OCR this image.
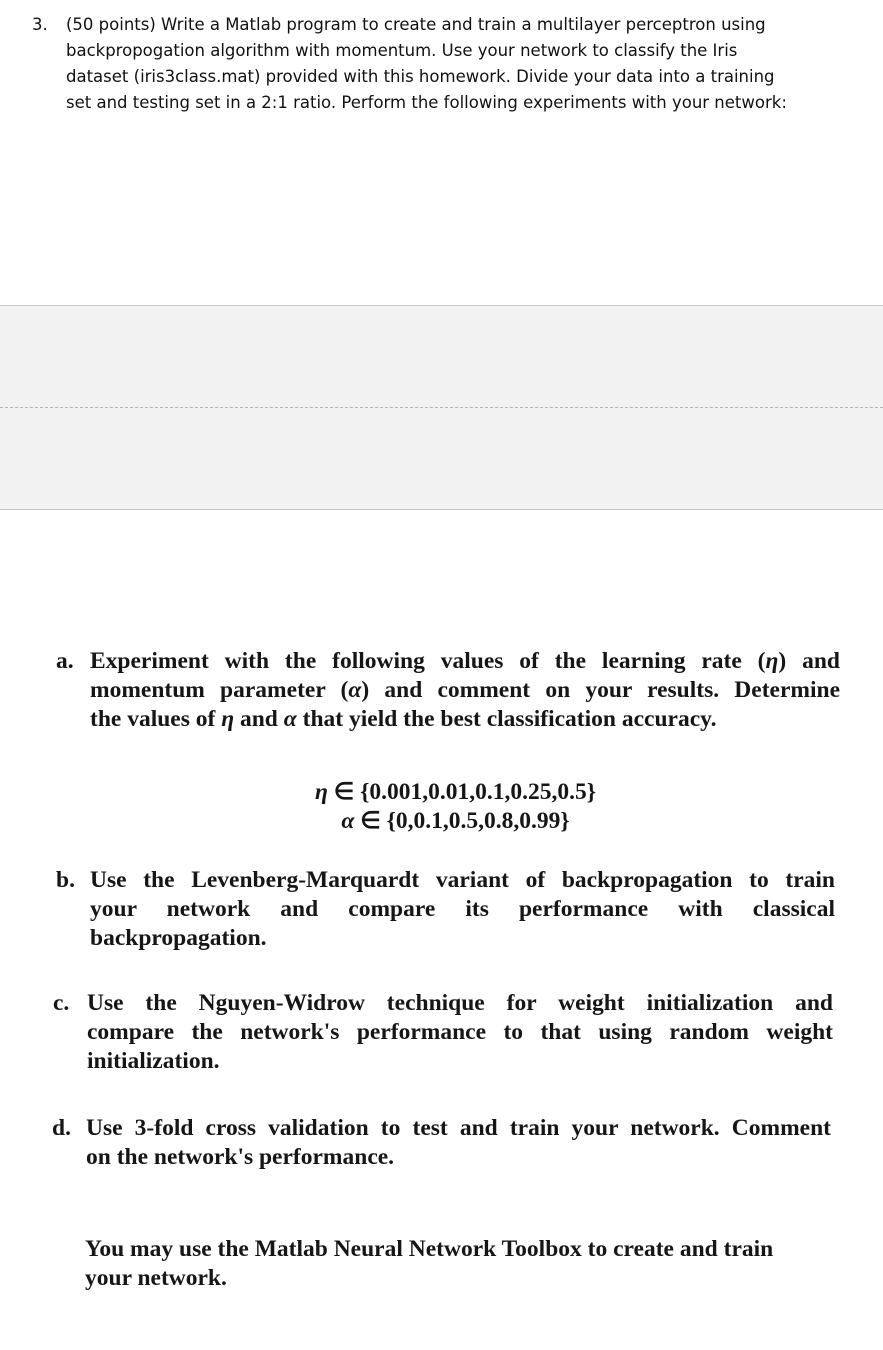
3. (50 points) Write a Matlab program to create and train a multilayer perceptron using
backpropogation algorithm with momentum. Use your network to classify the Iris
dataset (iris3class.mat) provided with this homework. Divide your data into a training
set and testing set in a 2:1 ratio. Perform the following experiments with your network:
a. Experiment with the following values of the learning rate (η) and
momentum parameter (α) and comment on your results. Determine
the values of η and α that yield the best classification accuracy.
η ∈ {0.001,0.01,0.1,0.25,0.5}
α ∈ {0,0.1,0.5,0.8,0.99}
b. Use the Levenberg-Marquardt variant of backpropagation to train
your network and compare its performance with classical
backpropagation.
c. Use the Nguyen-Widrow technique for weight initialization and
compare the network's performance to that using random weight
initialization.
d. Use 3-fold cross validation to test and train your network. Comment
on the network's performance.
You may use the Matlab Neural Network Toolbox to create and train
your network.
